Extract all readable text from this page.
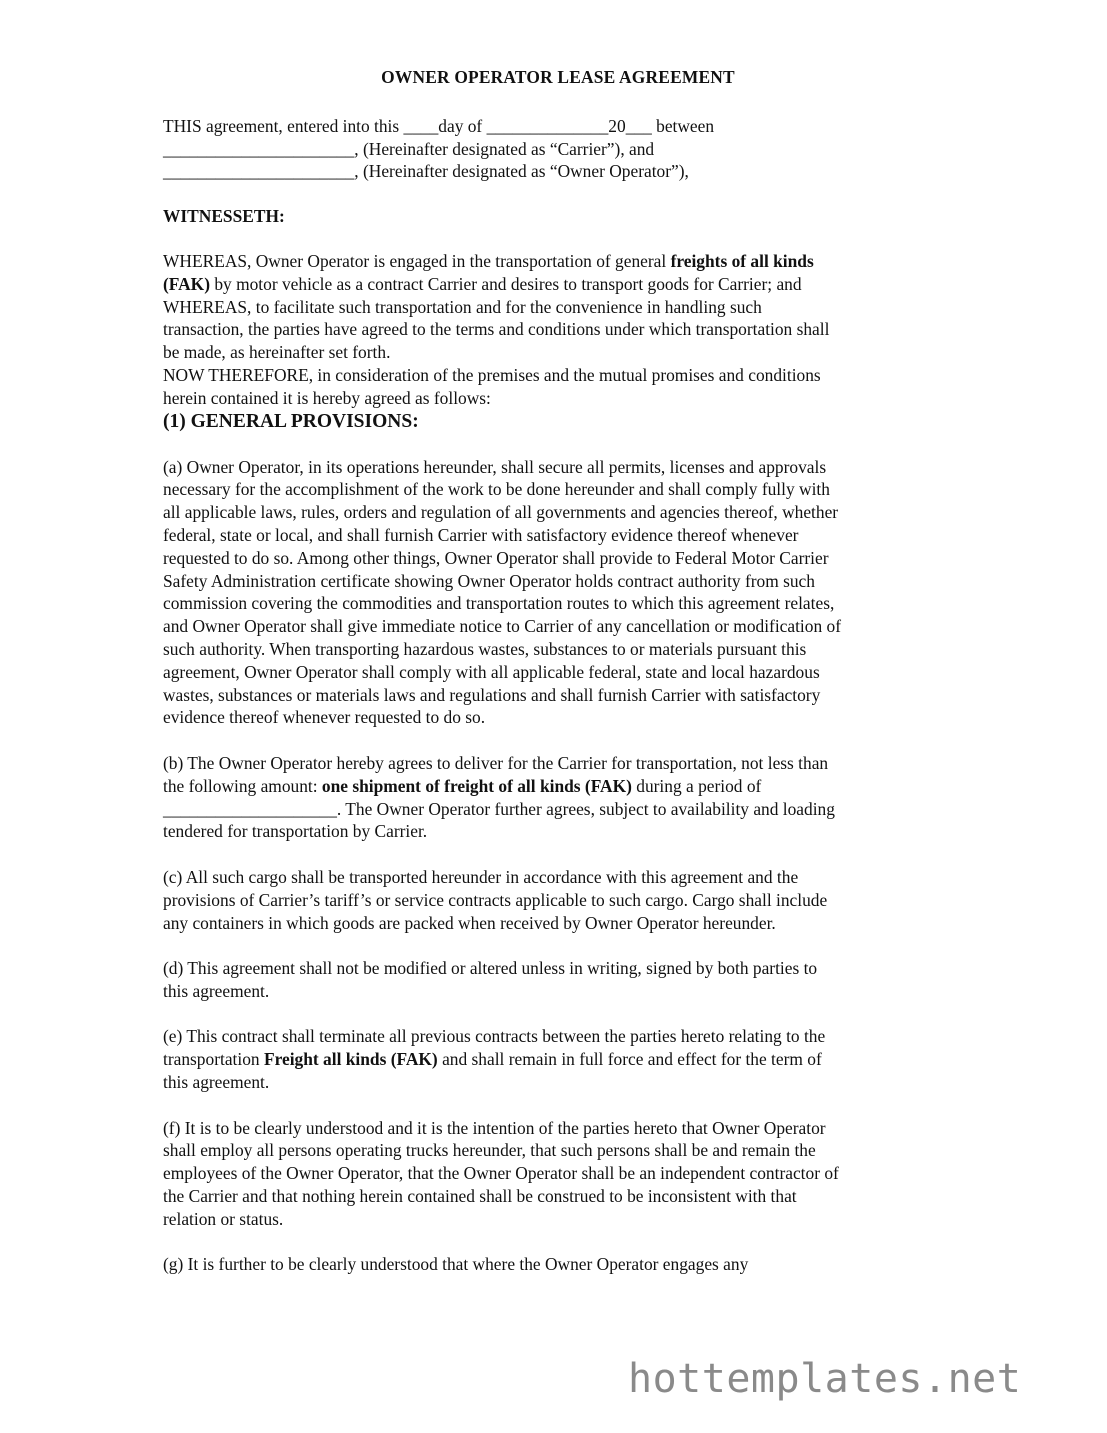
OWNER OPERATOR LEASE AGREEMENT
THIS agreement, entered into this ____day of ______________20___ between
______________________, (Hereinafter designated as “Carrier”), and
______________________, (Hereinafter designated as “Owner Operator”),
WITNESSETH:
WHEREAS, Owner Operator is engaged in the transportation of general freights of all kinds
(FAK) by motor vehicle as a contract Carrier and desires to transport goods for Carrier; and
WHEREAS, to facilitate such transportation and for the convenience in handling such
transaction, the parties have agreed to the terms and conditions under which transportation shall
be made, as hereinafter set forth.
NOW THEREFORE, in consideration of the premises and the mutual promises and conditions
herein contained it is hereby agreed as follows:
(1) GENERAL PROVISIONS:
(a) Owner Operator, in its operations hereunder, shall secure all permits, licenses and approvals
necessary for the accomplishment of the work to be done hereunder and shall comply fully with
all applicable laws, rules, orders and regulation of all governments and agencies thereof, whether
federal, state or local, and shall furnish Carrier with satisfactory evidence thereof whenever
requested to do so. Among other things, Owner Operator shall provide to Federal Motor Carrier
Safety Administration certificate showing Owner Operator holds contract authority from such
commission covering the commodities and transportation routes to which this agreement relates,
and Owner Operator shall give immediate notice to Carrier of any cancellation or modification of
such authority. When transporting hazardous wastes, substances to or materials pursuant this
agreement, Owner Operator shall comply with all applicable federal, state and local hazardous
wastes, substances or materials laws and regulations and shall furnish Carrier with satisfactory
evidence thereof whenever requested to do so.
(b) The Owner Operator hereby agrees to deliver for the Carrier for transportation, not less than
the following amount: one shipment of freight of all kinds (FAK) during a period of
____________________. The Owner Operator further agrees, subject to availability and loading
tendered for transportation by Carrier.
(c) All such cargo shall be transported hereunder in accordance with this agreement and the
provisions of Carrier’s tariff’s or service contracts applicable to such cargo. Cargo shall include
any containers in which goods are packed when received by Owner Operator hereunder.
(d) This agreement shall not be modified or altered unless in writing, signed by both parties to
this agreement.
(e) This contract shall terminate all previous contracts between the parties hereto relating to the
transportation Freight all kinds (FAK) and shall remain in full force and effect for the term of
this agreement.
(f) It is to be clearly understood and it is the intention of the parties hereto that Owner Operator
shall employ all persons operating trucks hereunder, that such persons shall be and remain the
employees of the Owner Operator, that the Owner Operator shall be an independent contractor of
the Carrier and that nothing herein contained shall be construed to be inconsistent with that
relation or status.
(g) It is further to be clearly understood that where the Owner Operator engages any
hottemplates.net
